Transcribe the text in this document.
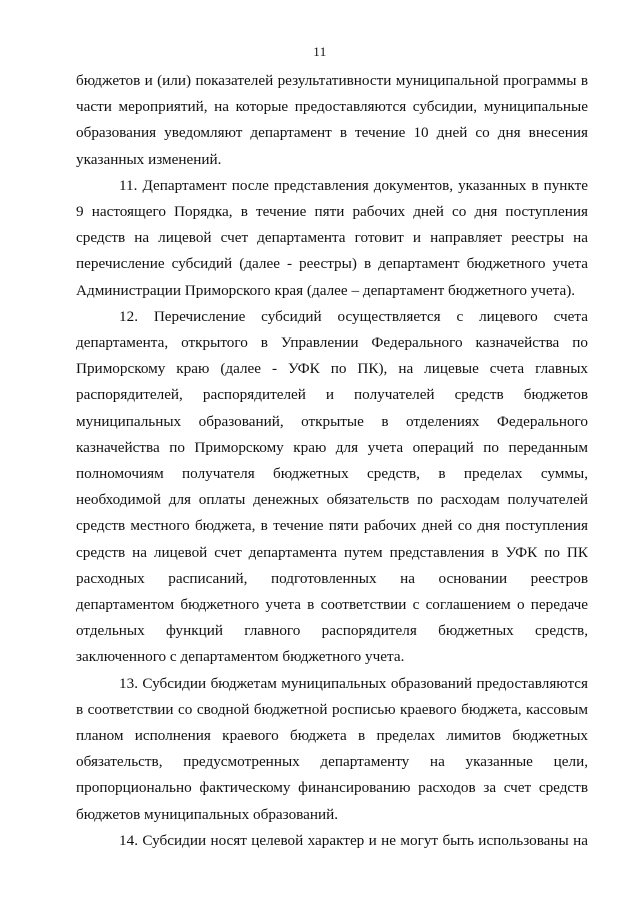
11

бюджетов и (или) показателей результативности муниципальной программы в части мероприятий, на которые предоставляются субсидии, муниципальные образования уведомляют департамент в течение 10 дней со дня внесения указанных изменений.

11. Департамент после представления документов, указанных в пункте 9 настоящего Порядка, в течение пяти рабочих дней со дня поступления средств на лицевой счет департамента готовит и направляет реестры на перечисление субсидий (далее - реестры) в департамент бюджетного учета Администрации Приморского края (далее – департамент бюджетного учета).

12. Перечисление субсидий осуществляется с лицевого счета департамента, открытого в Управлении Федерального казначейства по Приморскому краю (далее - УФК по ПК), на лицевые счета главных распорядителей, распорядителей и получателей средств бюджетов муниципальных образований, открытые в отделениях Федерального казначейства по Приморскому краю для учета операций по переданным полномочиям получателя бюджетных средств, в пределах суммы, необходимой для оплаты денежных обязательств по расходам получателей средств местного бюджета, в течение пяти рабочих дней со дня поступления средств на лицевой счет департамента путем представления в УФК по ПК расходных расписаний, подготовленных на основании реестров департаментом бюджетного учета в соответствии с соглашением о передаче отдельных функций главного распорядителя бюджетных средств, заключенного с департаментом бюджетного учета.

13. Субсидии бюджетам муниципальных образований предоставляются в соответствии со сводной бюджетной росписью краевого бюджета, кассовым планом исполнения краевого бюджета в пределах лимитов бюджетных обязательств, предусмотренных департаменту на указанные цели, пропорционально фактическому финансированию расходов за счет средств бюджетов муниципальных образований.

14. Субсидии носят целевой характер и не могут быть использованы на
